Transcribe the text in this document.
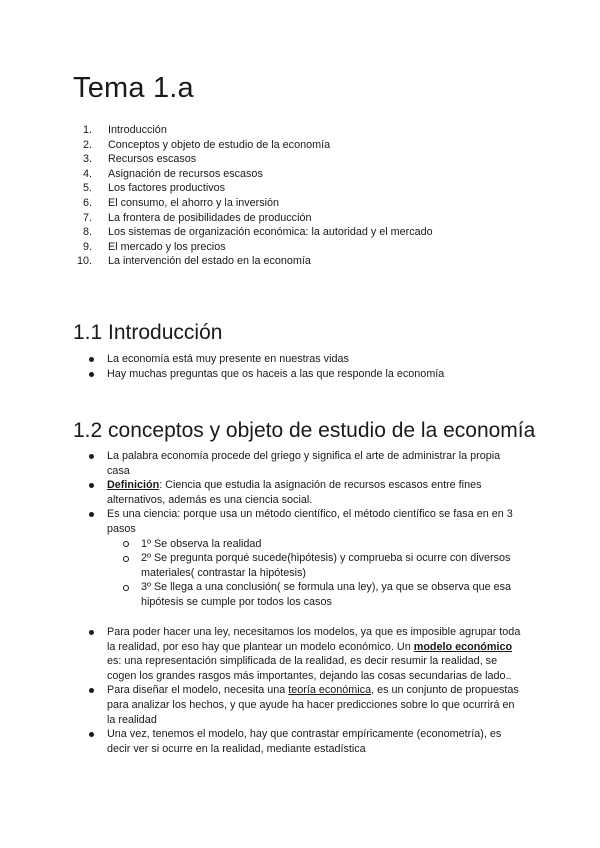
Tema 1.a
1. Introducción
2. Conceptos y objeto de estudio de la economía
3. Recursos escasos
4. Asignación de recursos escasos
5. Los factores productivos
6. El consumo, el ahorro y la inversión
7. La frontera de posibilidades de producción
8. Los sistemas de organización económica: la autoridad y el mercado
9. El mercado y los precios
10. La intervención del estado en la economía
1.1 Introducción
La economía está muy presente en nuestras vidas
Hay muchas preguntas que os haceis a las que responde la economía
1.2 conceptos y objeto de estudio de la economía
La palabra economía procede del griego y significa el arte de administrar la propia casa
Definición: Ciencia que estudia la asignación de recursos escasos entre fines alternativos, además es una ciencia social.
Es una ciencia: porque usa un método científico, el método científico se fasa en en 3 pasos
1º Se observa la realidad
2º Se pregunta porqué sucede(hipótesis) y comprueba si ocurre con diversos materiales( contrastar la hipótesis)
3º Se llega a una conclusión( se formula una ley), ya que se observa que esa hipótesis se cumple por todos los casos
Para poder hacer una ley, necesitamos los modelos, ya que es imposible agrupar toda la realidad, por eso hay que plantear un modelo económico. Un modelo económico es: una representación simplificada de la realidad, es decir resumir la realidad, se cogen los grandes rasgos más importantes, dejando las cosas secundarias de lado..
Para diseñar el modelo, necesita una teoría económica, es un conjunto de propuestas para analizar los hechos, y que ayude ha hacer predicciones sobre lo que ocurrirá en la realidad
Una vez, tenemos el modelo, hay que contrastar empíricamente (econometría), es decir ver si ocurre en la realidad, mediante estadística
